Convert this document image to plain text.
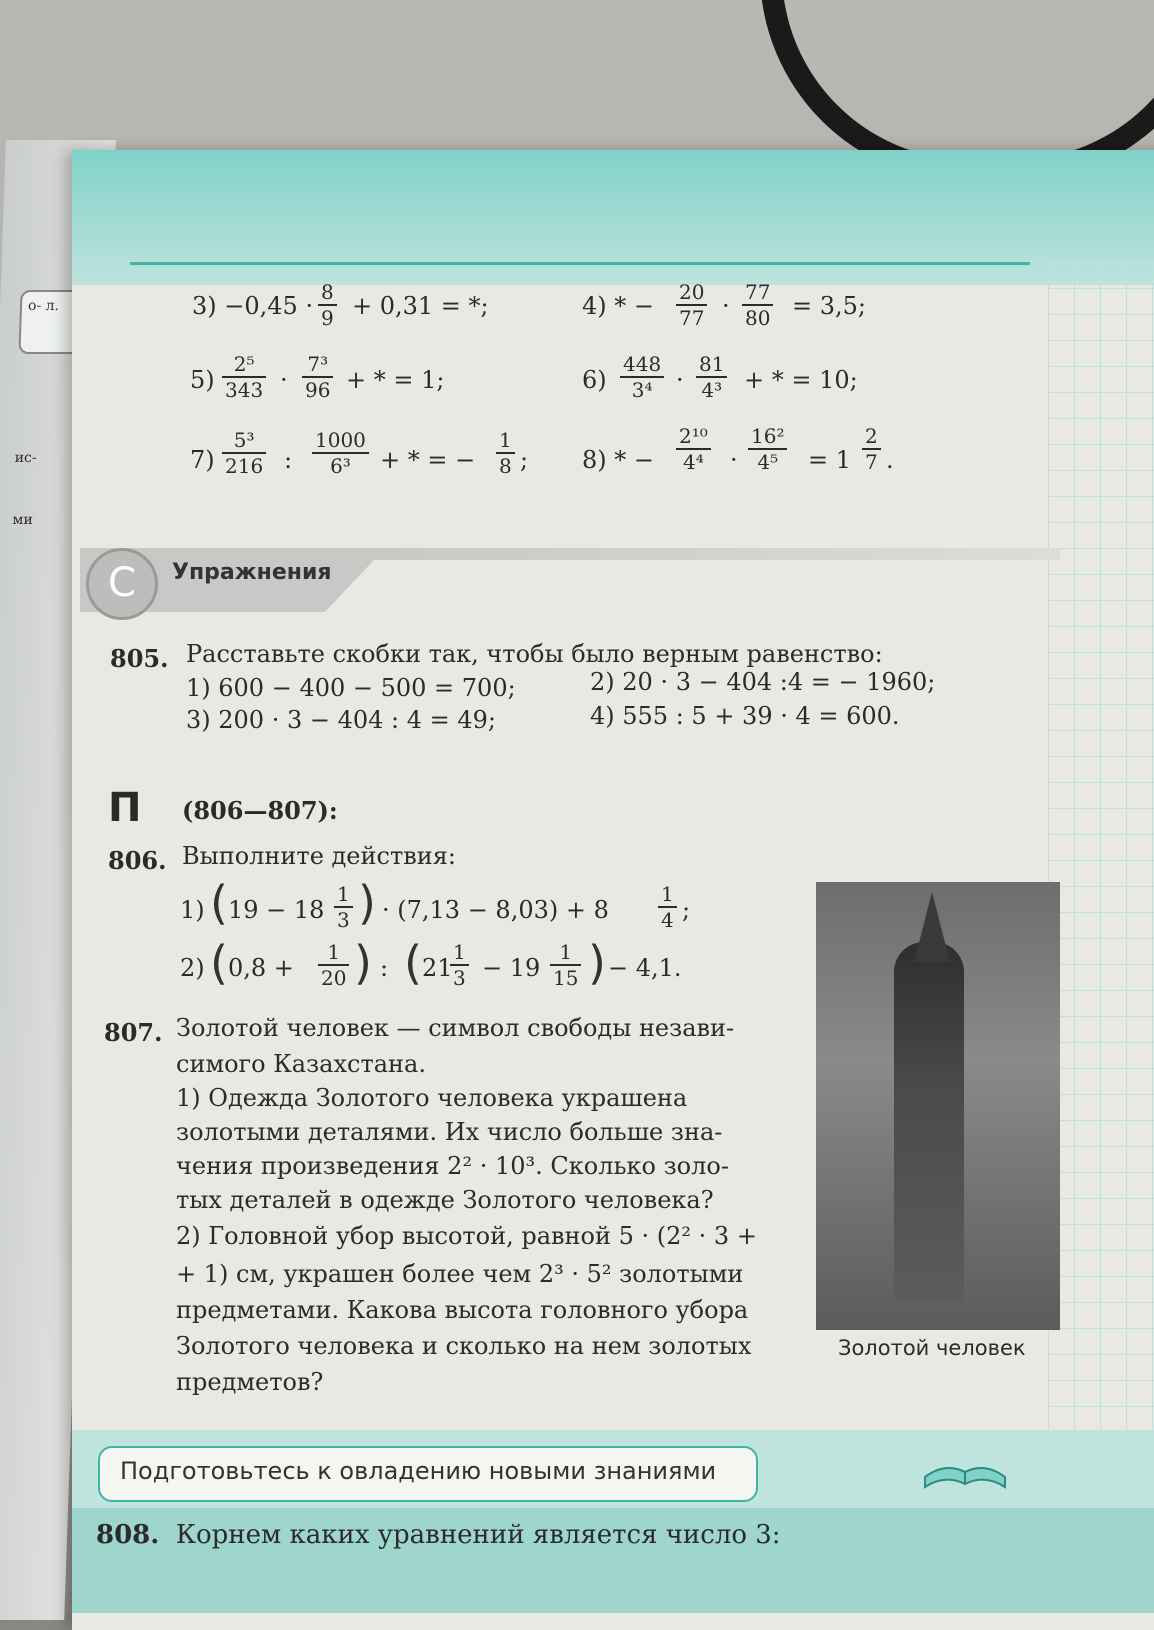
о- л.
ис-
ми
$3) -0,45 \cdot \frac{8}{9} + 0,31$ = *;	4) * − $\frac{20}{77} \cdot \frac{77}{80} = 3,5$;
$5) \frac{\text{2⁵}}{343} \cdot \frac{\text{7³}}{96}$ + * = 1;	$6) \frac{448}{\text{3⁴}} \cdot \frac{81}{\text{4³}}$ + * = 10;
$7) \frac{\text{5³}}{216}$ : $\frac{1000}{\text{6³}}$ + * = − $\frac{1}{8}$ ; 8) * − $\frac{\text{2¹⁰}}{\text{4⁴}} \cdot \frac{\text{16²}}{\text{4⁵}} = 1 \frac{2}{7}$ .
C	Упражнения
805. Расставьте скобки так, чтобы было верным равенство:
1) 600 − 400 − 500 = 700;	2) 20 · 3 − 404 :4 = − 1960;
3) 200 · 3 − 404 : 4 = 49;	4) 555 : 5 + 39 · 4 = 600.
П (806—807):
806. Выполните действия:
1) ( $19 - 18 \frac{1}{3}$ ) · $(7,13 - 8,03) + 8 \frac{1}{4}$ ;
2) ( $0,8 + \frac{1}{20}$ ) : ( 21
$\frac{1}{3} - 19 \frac{1}{15}$ ) − 4,1.
807. Золотой человек — символ свободы незави-
симого Казахстана.
1) Одежда Золотого человека украшена
золотыми деталями. Их число больше зна-
чения произведения 2² · 10³. Сколько золо-
тых деталей в одежде Золотого человека?
2) Головной убор высотой, равной 5 · (2² · 3 +
+ 1) см, украшен более чем 2³ · 5² золотыми
предметами. Какова высота головного убора
Золотого человека и сколько на нем золотых
предметов?
Золотой человек
Подготовьтесь к овладению новыми знаниями
808. Корнем каких уравнений является число 3:
